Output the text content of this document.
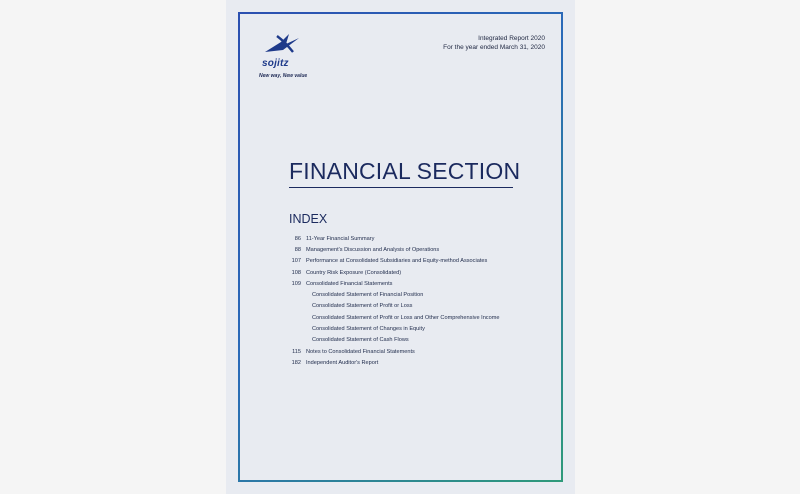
sojitz
New way, New value
Integrated Report 2020
For the year ended March 31, 2020
FINANCIAL SECTION
INDEX
86 11-Year Financial Summary
88 Management's Discussion and Analysis of Operations
107 Performance at Consolidated Subsidiaries and Equity-method Associates
108 Country Risk Exposure (Consolidated)
109 Consolidated Financial Statements
Consolidated Statement of Financial Position
Consolidated Statement of Profit or Loss
Consolidated Statement of Profit or Loss and Other Comprehensive Income
Consolidated Statement of Changes in Equity
Consolidated Statement of Cash Flows
115 Notes to Consolidated Financial Statements
182 Independent Auditor's Report
